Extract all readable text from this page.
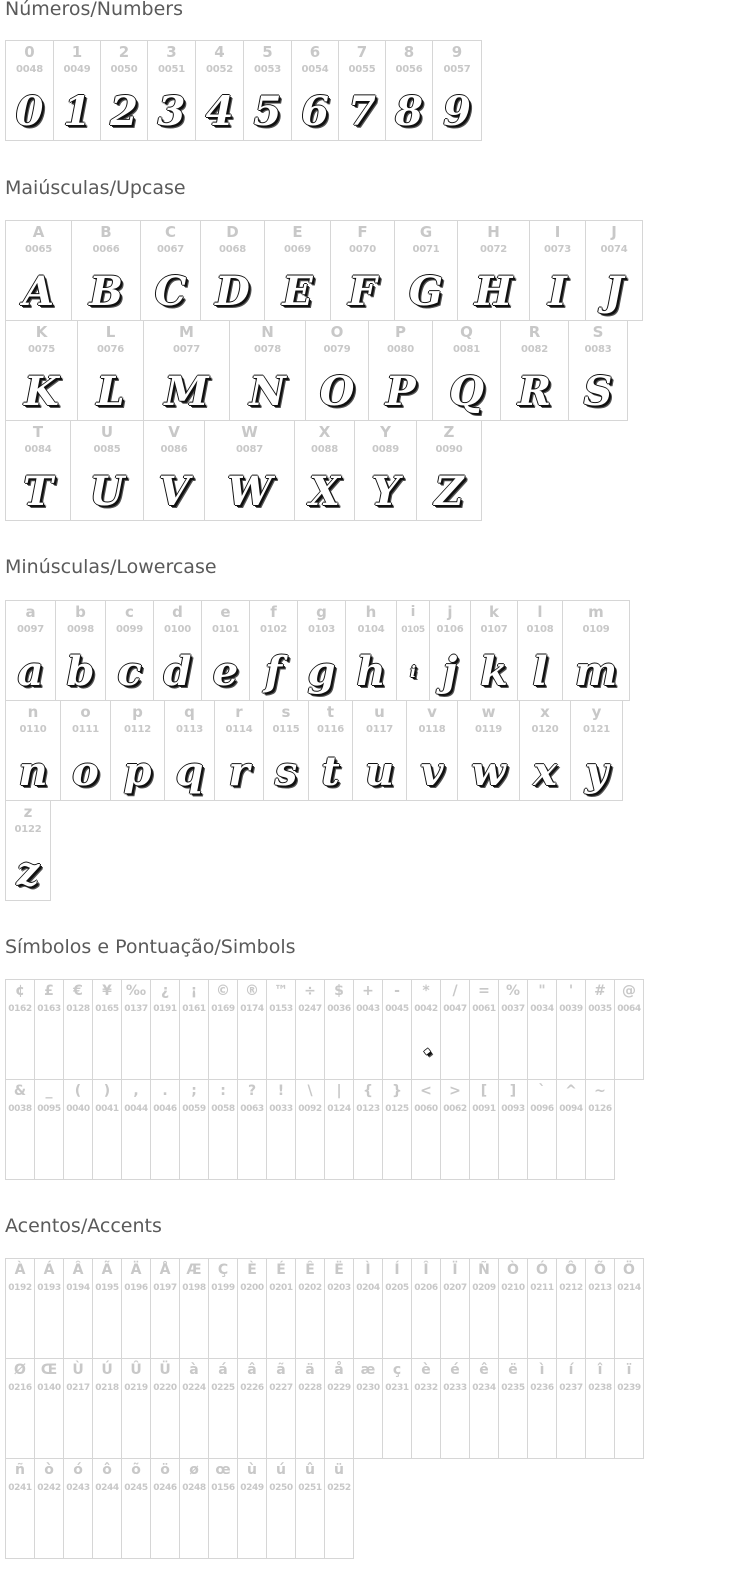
Números/Numbers
0
0048
0
1
0049
1
2
0050
2
3
0051
3
4
0052
4
5
0053
5
6
0054
6
7
0055
7
8
0056
8
9
0057
9
Maiúsculas/Upcase
A
0065
A
B
0066
B
C
0067
C
D
0068
D
E
0069
E
F
0070
F
G
0071
G
H
0072
H
I
0073
I
J
0074
J
K
0075
K
L
0076
L
M
0077
M
N
0078
N
O
0079
O
P
0080
P
Q
0081
Q
R
0082
R
S
0083
S
T
0084
T
U
0085
U
V
0086
V
W
0087
W
X
0088
X
Y
0089
Y
Z
0090
Z
Minúsculas/Lowercase
a
0097
a
b
0098
b
c
0099
c
d
0100
d
e
0101
e
f
0102
f
g
0103
g
h
0104
h
i
0105
i
j
0106
j
k
0107
k
l
0108
l
m
0109
m
n
0110
n
o
0111
o
p
0112
p
q
0113
q
r
0114
r
s
0115
s
t
0116
t
u
0117
u
v
0118
v
w
0119
w
x
0120
x
y
0121
y
z
0122
z
Símbolos e Pontuação/Simbols
¢
0162
£
0163
€
0128
¥
0165
‰
0137
¿
0191
¡
0161
©
0169
®
0174
™
0153
÷
0247
$
0036
+
0043
-
0045
*
0042
⬩
/
0047
=
0061
%
0037
"
0034
'
0039
#
0035
@
0064
&
0038
_
0095
(
0040
)
0041
,
0044
.
0046
;
0059
:
0058
?
0063
!
0033
\
0092
|
0124
{
0123
}
0125
<
0060
>
0062
[
0091
]
0093
`
0096
^
0094
~
0126
Acentos/Accents
À
0192
Á
0193
Â
0194
Ã
0195
Ä
0196
Å
0197
Æ
0198
Ç
0199
È
0200
É
0201
Ê
0202
Ë
0203
Ì
0204
Í
0205
Î
0206
Ï
0207
Ñ
0209
Ò
0210
Ó
0211
Ô
0212
Õ
0213
Ö
0214
Ø
0216
Œ
0140
Ù
0217
Ú
0218
Û
0219
Ü
0220
à
0224
á
0225
â
0226
ã
0227
ä
0228
å
0229
æ
0230
ç
0231
è
0232
é
0233
ê
0234
ë
0235
ì
0236
í
0237
î
0238
ï
0239
ñ
0241
ò
0242
ó
0243
ô
0244
õ
0245
ö
0246
ø
0248
œ
0156
ù
0249
ú
0250
û
0251
ü
0252
